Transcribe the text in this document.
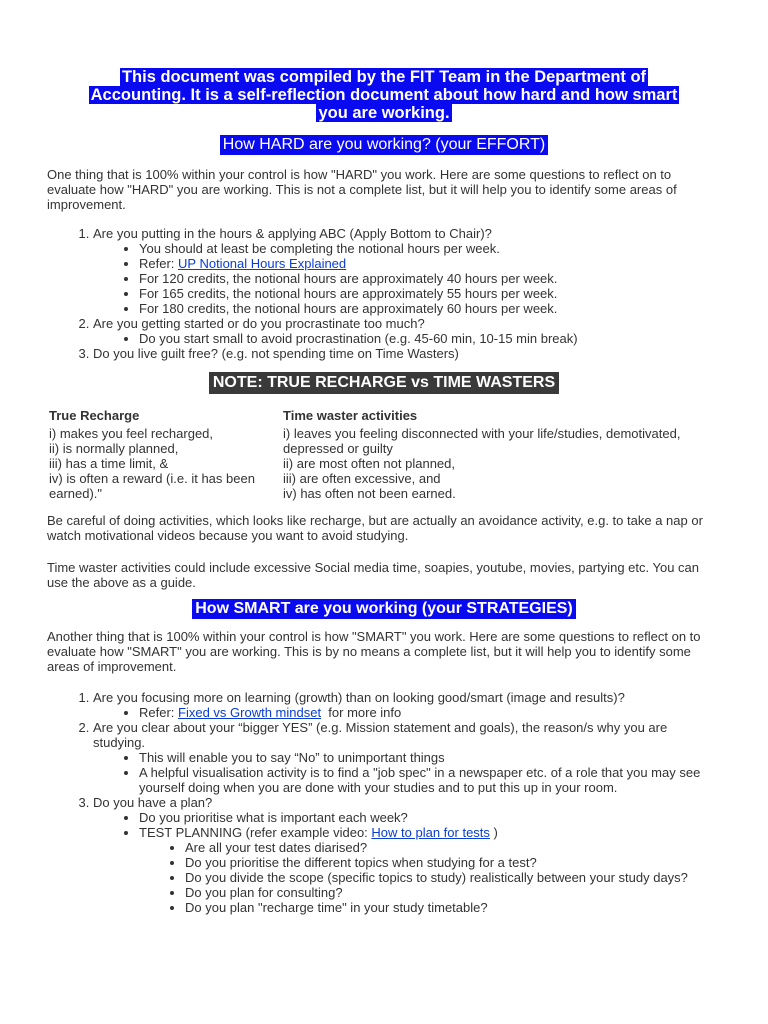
This document was compiled by the FIT Team in the Department of
Accounting. It is a self-reflection document about how hard and how smart
you are working.
How HARD are you working? (your EFFORT)

One thing that is 100% within your control is how "HARD" you work. Here are some questions to reflect on to evaluate how "HARD" you are working. This is not a complete list, but it will help you to identify some areas of improvement.

1. Are you putting in the hours & applying ABC (Apply Bottom to Chair)?
• You should at least be completing the notional hours per week.
• Refer: UP Notional Hours Explained
• For 120 credits, the notional hours are approximately 40 hours per week.
• For 165 credits, the notional hours are approximately 55 hours per week.
• For 180 credits, the notional hours are approximately 60 hours per week.
2. Are you getting started or do you procrastinate too much?
• Do you start small to avoid procrastination (e.g. 45-60 min, 10-15 min break)
3. Do you live guilt free? (e.g. not spending time on Time Wasters)
NOTE: TRUE RECHARGE vs TIME WASTERS
True Recharge
i) makes you feel recharged,
ii) is normally planned,
iii) has a time limit, &
iv) is often a reward (i.e. it has been earned)."
Time waster activities
i) leaves you feeling disconnected with your life/studies, demotivated, depressed or guilty
ii) are most often not planned,
iii) are often excessive, and
iv) has often not been earned.

Be careful of doing activities, which looks like recharge, but are actually an avoidance activity, e.g. to take a nap or watch motivational videos because you want to avoid studying.

Time waster activities could include excessive Social media time, soapies, youtube, movies, partying etc. You can use the above as a guide.

How SMART are you working (your STRATEGIES)

Another thing that is 100% within your control is how "SMART" you work. Here are some questions to reflect on to evaluate how "SMART" you are working. This is by no means a complete list, but it will help you to identify some areas of improvement.

1. Are you focusing more on learning (growth) than on looking good/smart (image and results)?
• Refer: Fixed vs Growth mindset  for more info
2. Are you clear about your “bigger YES” (e.g. Mission statement and goals), the reason/s why you are studying.
• This will enable you to say “No” to unimportant things
• A helpful visualisation activity is to find a "job spec" in a newspaper etc. of a role that you may see yourself doing when you are done with your studies and to put this up in your room.
3. Do you have a plan?
• Do you prioritise what is important each week?
• TEST PLANNING (refer example video: How to plan for tests )
• Are all your test dates diarised?
• Do you prioritise the different topics when studying for a test?
• Do you divide the scope (specific topics to study) realistically between your study days?
• Do you plan for consulting?
• Do you plan "recharge time" in your study timetable?
